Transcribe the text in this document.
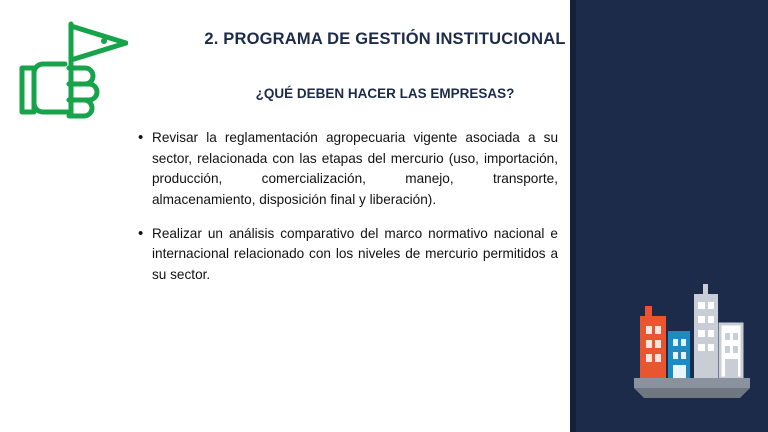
2. PROGRAMA DE GESTIÓN INSTITUCIONAL
¿QUÉ DEBEN HACER LAS EMPRESAS?
• Revisar la reglamentación agropecuaria vigente asociada a su sector, relacionada con las etapas del mercurio (uso, importación, producción, comercialización, manejo, transporte, almacenamiento, disposición final y liberación).
• Realizar un análisis comparativo del marco normativo nacional e internacional relacionado con los niveles de mercurio permitidos a su sector.
